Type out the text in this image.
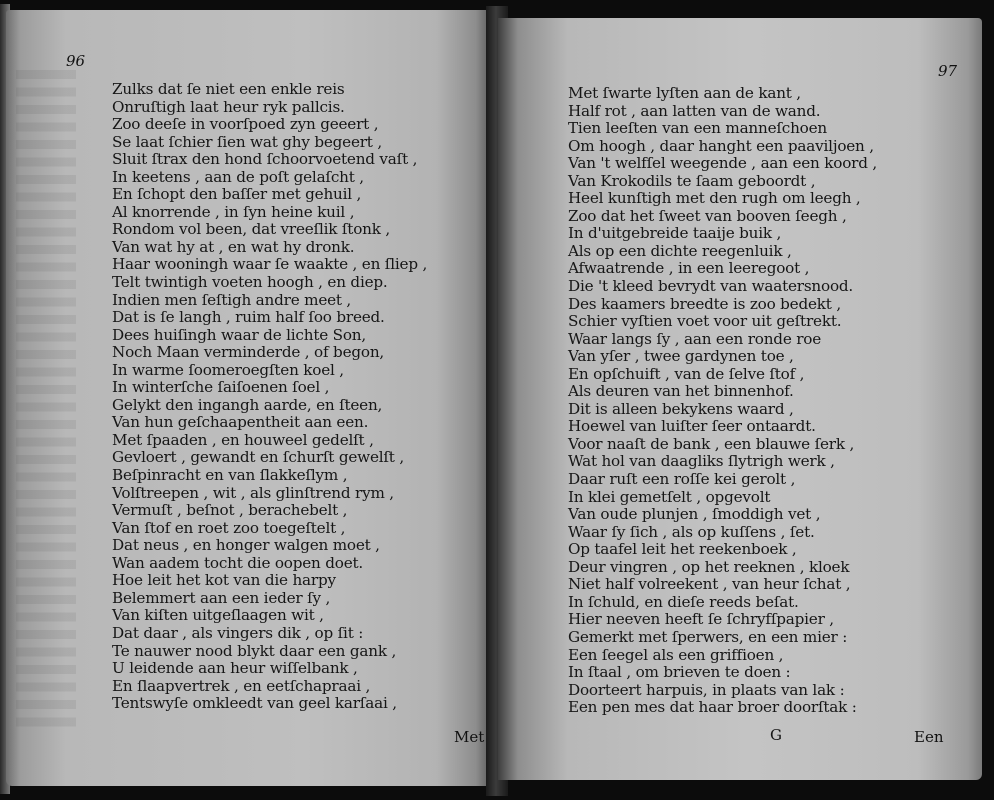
96
Zulks dat ſe niet een enkle reis
Onruſtigh laat heur ryk pallcis.
Zoo deeſe in voorſpoed zyn geeert ,
Se laat ſchier ſien wat ghy begeert ,
Sluit ſtrax den hond ſchoorvoetend vaſt ,
In keetens , aan de poſt gelaſcht ,
En ſchopt den baſſer met gehuil ,
Al knorrende , in ſyn heine kuil ,
Rondom vol been, dat vreeſlik ſtonk ,
Van wat hy at , en wat hy dronk.
Haar wooningh waar ſe waakte , en ſliep ,
Telt twintigh voeten hoogh , en diep.
Indien men ſeſtigh andre meet ,
Dat is ſe langh , ruim half ſoo breed.
Dees huiſingh waar de lichte Son,
Noch Maan verminderde , of begon,
In warme ſoomeroegſten koel ,
In winterſche ſaiſoenen ſoel ,
Gelykt den ingangh aarde, en ſteen,
Van hun geſchaapentheit aan een.
Met ſpaaden , en houweel gedelſt ,
Gevloert , gewandt en ſchurſt gewelſt ,
Beſpinracht en van ſlakkeſlym ,
Volſtreepen , wit , als glinſtrend rym ,
Vermuſt , beſnot , berachebelt ,
Van ſtof en roet zoo toegeſtelt ,
Dat neus , en honger walgen moet ,
Wan aadem tocht die oopen doet.
Hoe leit het kot van die harpy
Belemmert aan een ieder ſy ,
Van kiſten uitgeſlaagen wit ,
Dat daar , als vingers dik , op ſit :
Te nauwer nood blykt daar een gank ,
U leidende aan heur wiſſelbank ,
En ſlaapvertrek , en eetſchapraai ,
Tentswyſe omkleedt van geel karſaai ,
Met
97
Met ſwarte lyſten aan de kant ,
Half rot , aan latten van de wand.
Tien leeſten van een manneſchoen
Om hoogh , daar hanght een paaviljoen ,
Van 't welfſel weegende , aan een koord ,
Van Krokodils te ſaam geboordt ,
Heel kunſtigh met den rugh om leegh ,
Zoo dat het ſweet van booven ſeegh ,
In d'uitgebreide taaije buik ,
Als op een dichte reegenluik ,
Afwaatrende , in een leeregoot ,
Die 't kleed bevrydt van waatersnood.
Des kaamers breedte is zoo bedekt ,
Schier vyſtien voet voor uit geſtrekt.
Waar langs ſy , aan een ronde roe
Van yſer , twee gardynen toe ,
En opſchuift , van de ſelve ſtof ,
Als deuren van het binnenhof.
Dit is alleen bekykens waard ,
Hoewel van luiſter ſeer ontaardt.
Voor naaſt de bank , een blauwe ſerk ,
Wat hol van daagliks ſlytrigh werk ,
Daar ruſt een roſſe kei gerolt ,
In klei gemetſelt , opgevolt
Van oude plunjen , ſmoddigh vet ,
Waar ſy ſich , als op kuſſens , ſet.
Op taafel leit het reekenboek ,
Deur vingren , op het reeknen , kloek
Niet half volreekent , van heur ſchat ,
In ſchuld, en dieſe reeds beſat.
Hier neeven heeft ſe ſchryfſpapier ,
Gemerkt met ſperwers, en een mier :
Een ſeegel als een griffioen ,
In ſtaal , om brieven te doen :
Doorteert harpuis, in plaats van lak :
Een pen mes dat haar broer doorſtak :
G	Een
